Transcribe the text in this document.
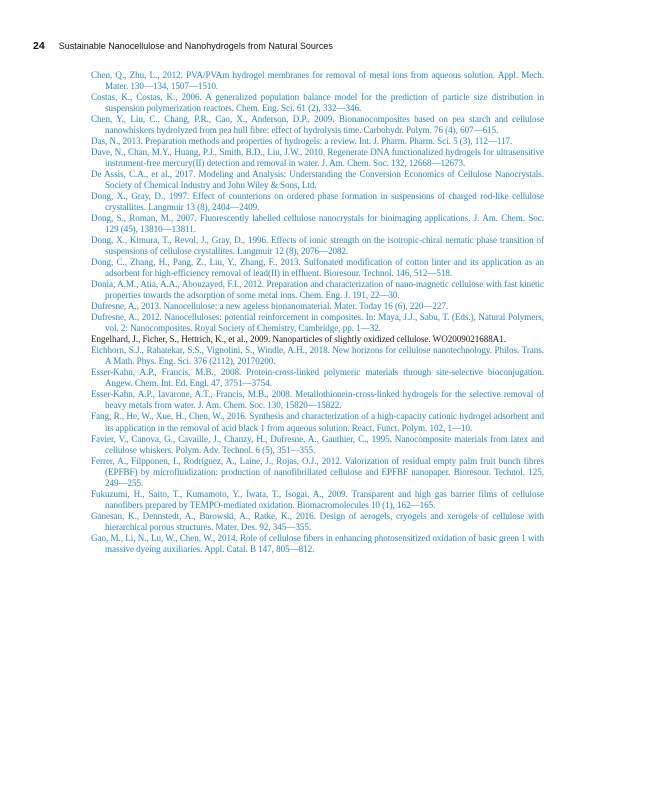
24 Sustainable Nanocellulose and Nanohydrogels from Natural Sources
Chen, Q., Zhu, L., 2012. PVA/PVAm hydrogel membranes for removal of metal ions from aqueous solution. Appl. Mech. Mater. 130—134, 1507—1510.
Costas, K., Costas, K., 2006. A generalized population balance model for the prediction of particle size distribution in suspension polymerization reactors. Chem. Eng. Sci. 61 (2), 332—346.
Chen, Y., Liu, C., Chang, P.R., Cao, X., Anderson, D.P., 2009. Bionanocomposites based on pea starch and cellulose nanowhiskers hydrolyzed from pea hull fibre: effect of hydrolysis time. Carbohydr. Polym. 76 (4), 607—615.
Das, N., 2013. Preparation methods and properties of hydrogels: a review. Int. J. Pharm. Pharm. Sci. 5 (3), 112—117.
Dave, N., Chan, M.Y., Huang, P.J., Smith, B.D., Liu, J.W., 2010. Regenerate DNA functionalized hydrogels for ultrasensitive instrument-free mercury(II) detection and removal in water. J. Am. Chem. Soc. 132, 12668—12673.
De Assis, C.A., et al., 2017. Modeling and Analysis: Understanding the Conversion Economics of Cellulose Nanocrystals. Society of Chemical Industry and John Wiley & Sons, Ltd.
Dong, X., Gray, D., 1997. Effect of counterions on ordered phase formation in suspensions of charged rod-like cellulose crystallites. Langmuir 13 (8), 2404—2409.
Dong, S., Roman, M., 2007. Fluorescently labelled cellulose nanocrystals for bioimaging applications. J. Am. Chem. Soc. 129 (45), 13810—13811.
Dong, X., Kimura, T., Revol, J., Gray, D., 1996. Effects of ionic strength on the isotropic-chiral nematic phase transition of suspensions of cellulose crystallites. Langmuir 12 (8), 2076—2082.
Dong, C., Zhang, H., Pang, Z., Liu, Y., Zhang, F., 2013. Sulfonated modification of cotton linter and its application as an adsorbent for high-efficiency removal of lead(II) in effluent. Bioresour. Technol. 146, 512—518.
Donia, A.M., Atia, A.A., Abouzayed, F.I., 2012. Preparation and characterization of nano-magnetic cellulose with fast kinetic properties towards the adsorption of some metal ions. Chem. Eng. J. 191, 22—30.
Dufresne, A., 2013. Nanocellulose: a new ageless bionanomaterial. Mater. Today 16 (6), 220—227.
Dufresne, A., 2012. Nanocelluloses: potential reinforcement in composites. In: Maya, J.J., Sabu, T. (Eds.), Natural Polymers, vol. 2: Nanocomposites. Royal Society of Chemistry, Cambridge, pp. 1—32.
Engelhard, J., Ficher, S., Hettrich, K., et al., 2009. Nanoparticles of slightly oxidized cellulose. WO2009021688A1.
Eichhorn, S.J., Rahatekar, S.S., Vignolini, S., Windle, A.H., 2018. New horizons for cellulose nanotechnology. Philos. Trans. A Math. Phys. Eng. Sci. 376 (2112), 20170200.
Esser-Kahn, A.P., Francis, M.B., 2008. Protein-cross-linked polymeric materials through site-selective bioconjugation. Angew. Chem. Int. Ed. Engl. 47, 3751—3754.
Esser-Kahn, A.P., Iavarone, A.T., Francis, M.B., 2008. Metallothionein-cross-linked hydrogels for the selective removal of heavy metals from water. J. Am. Chem. Soc. 130, 15820—15822.
Fang, R., He, W., Xue, H., Chen, W., 2016. Synthesis and characterization of a high-capacity cationic hydrogel adsorbent and its application in the removal of acid black 1 from aqueous solution. React. Funct. Polym. 102, 1—10.
Favier, V., Canova, G., Cavaille, J., Chanzy, H., Dufresne, A., Gauthier, C., 1995. Nanocomposite materials from latex and cellulose whiskers. Polym. Adv. Technol. 6 (5), 351—355.
Ferrer, A., Filpponen, I., Rodríguez, A., Laine, J., Rojas, O.J., 2012. Valorization of residual empty palm fruit bunch fibres (EPFBF) by microfluidization: production of nanofibrillated cellulose and EPFBF nanopaper. Bioresour. Technol. 125, 249—255.
Fukuzumi, H., Saito, T., Kumamoto, Y., Iwata, T., Isogai, A., 2009. Transparent and high gas barrier films of cellulose nanofibers prepared by TEMPO-mediated oxidation. Biomacromolecules 10 (1), 162—165.
Ganesan, K., Dennstedt, A., Barowski, A., Ratke, K., 2016. Design of aerogels, cryogels and xerogels of cellulose with hierarchical porous structures. Mater. Des. 92, 345—355.
Gao, M., Li, N., Lu, W., Chen, W., 2014. Role of cellulose fibers in enhancing photosensitized oxidation of basic green 1 with massive dyeing auxiliaries. Appl. Catal. B 147, 805—812.
